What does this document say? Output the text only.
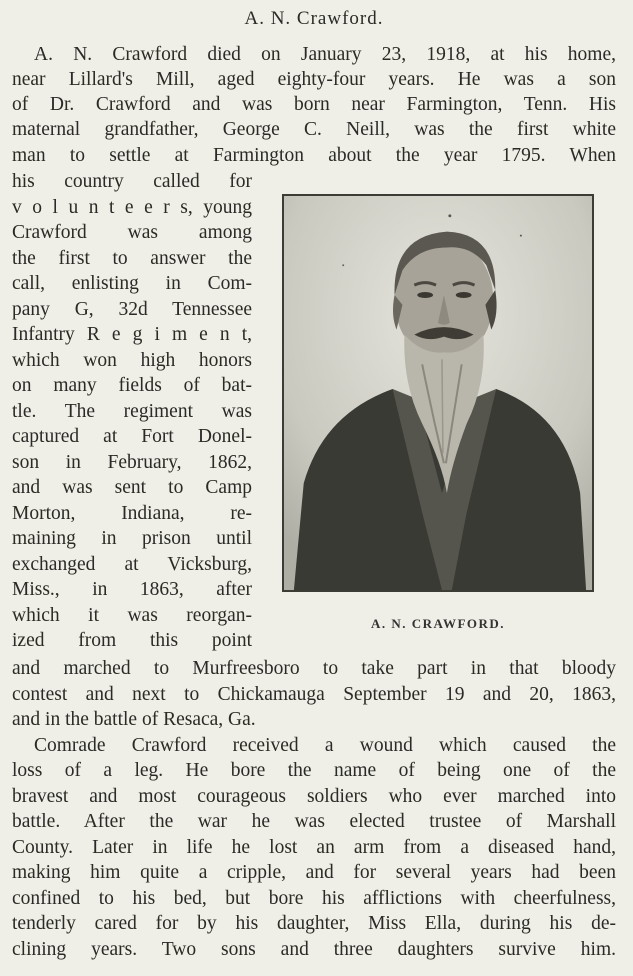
A. N. Crawford.
A. N. Crawford died on January 23, 1918, at his home,
near Lillard's Mill, aged eighty-four years. He was a son
of Dr. Crawford and was born near Farmington, Tenn. His
maternal grandfather, George C. Neill, was the first white
man to settle at Farmington about the year 1795. When
his country called for
v o l u n t e e r s, young
Crawford was among
the first to answer the
call, enlisting in Com-
pany G, 32d Tennessee
Infantry R e g i m e n t,
which won high honors
on many fields of bat-
tle. The regiment was
captured at Fort Donel-
son in February, 1862,
and was sent to Camp
Morton, Indiana, re-
maining in prison until
exchanged at Vicksburg,
Miss., in 1863, after
which it was reorgan-
ized from this point
A. N. CRAWFORD.
and marched to Murfreesboro to take part in that bloody
contest and next to Chickamauga September 19 and 20, 1863,
and in the battle of Resaca, Ga.
Comrade Crawford received a wound which caused the
loss of a leg. He bore the name of being one of the
bravest and most courageous soldiers who ever marched into
battle. After the war he was elected trustee of Marshall
County. Later in life he lost an arm from a diseased hand,
making him quite a cripple, and for several years had been
confined to his bed, but bore his afflictions with cheerfulness,
tenderly cared for by his daughter, Miss Ella, during his de-
clining years. Two sons and three daughters survive him.
